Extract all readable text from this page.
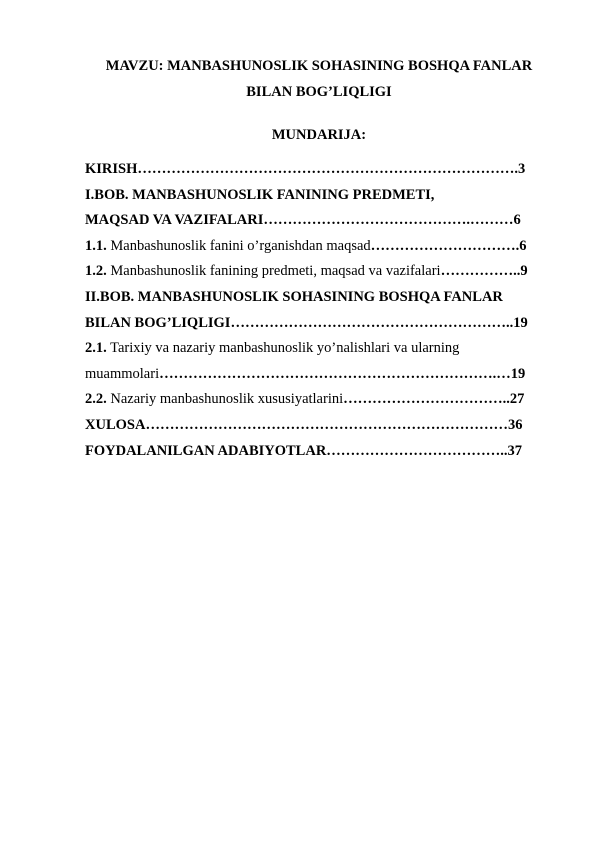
MAVZU: MANBASHUNOSLIK SOHASINING BOSHQA FANLAR
BILAN BOG’LIQLIGI
MUNDARIJA:
KIRISH…………………………………………………………………….3
I.BOB. MANBASHUNOSLIK FANINING PREDMETI,
MAQSAD VA VAZIFALARI…………………………………….………6
1.1. Manbashunoslik fanini o’rganishdan maqsad………………………….6
1.2. Manbashunoslik fanining predmeti, maqsad va vazifalari……………..9
II.BOB. MANBASHUNOSLIK SOHASINING BOSHQA FANLAR
BILAN BOG’LIQLIGI…………………………………………………..19
2.1. Tarixiy va nazariy manbashunoslik yo’nalishlari va ularning
muammolari…………………………………………………………….…19
2.2. Nazariy manbashunoslik xususiyatlarini……………………………..27
XULOSA…………………………………………………………………36
FOYDALANILGAN ADABIYOTLAR………………………………..37
